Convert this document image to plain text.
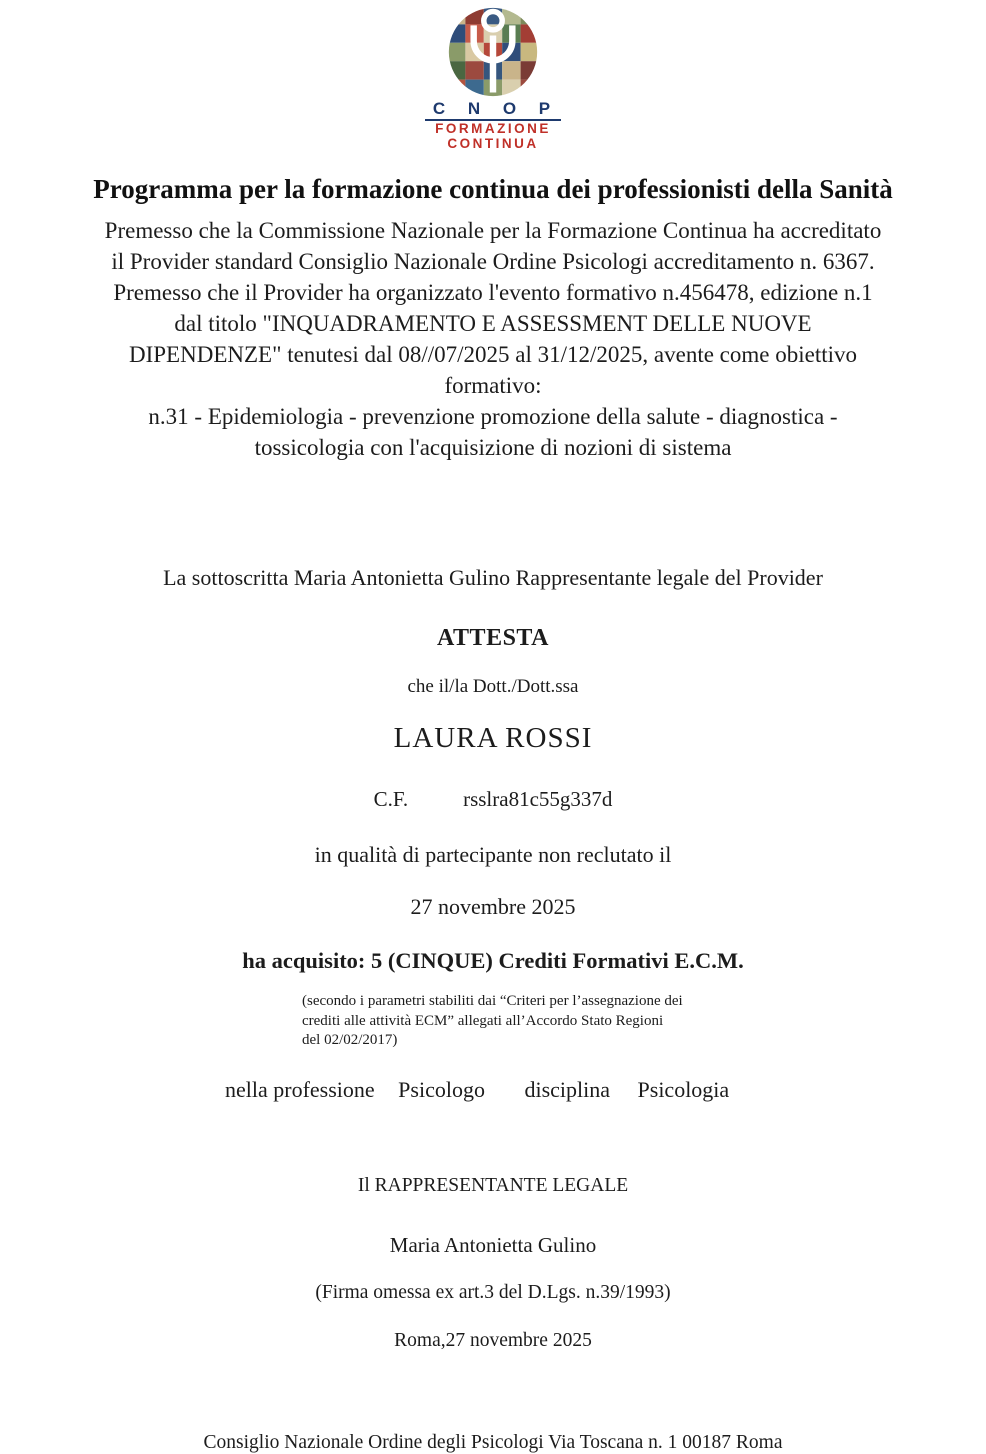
C N O P
FORMAZIONE
CONTINUA
Programma per la formazione continua dei professionisti della Sanità
Premesso che la Commissione Nazionale per la Formazione Continua ha accreditato
il Provider standard Consiglio Nazionale Ordine Psicologi accreditamento n. 6367.
Premesso che il Provider ha organizzato l'evento formativo n.456478, edizione n.1
dal titolo "INQUADRAMENTO E ASSESSMENT DELLE NUOVE
DIPENDENZE" tenutesi dal 08//07/2025 al 31/12/2025, avente come obiettivo
formativo:
n.31 - Epidemiologia - prevenzione promozione della salute - diagnostica -
tossicologia con l'acquisizione di nozioni di sistema
La sottoscritta Maria Antonietta Gulino Rappresentante legale del Provider
ATTESTA
che il/la Dott./Dott.ssa
LAURA ROSSI
C.F.	rsslra81c55g337d
in qualità di partecipante non reclutato il
27 novembre 2025
ha acquisito: 5 (CINQUE) Crediti Formativi E.C.M.
(secondo i parametri stabiliti dai “Criteri per l’assegnazione dei crediti alle attività ECM” allegati all’Accordo Stato Regioni del 02/02/2017)
nella professione Psicologo disciplina Psicologia
Il RAPPRESENTANTE LEGALE
Maria Antonietta Gulino
(Firma omessa ex art.3 del D.Lgs. n.39/1993)
Roma,27 novembre 2025
Consiglio Nazionale Ordine degli Psicologi Via Toscana n. 1 00187 Roma
